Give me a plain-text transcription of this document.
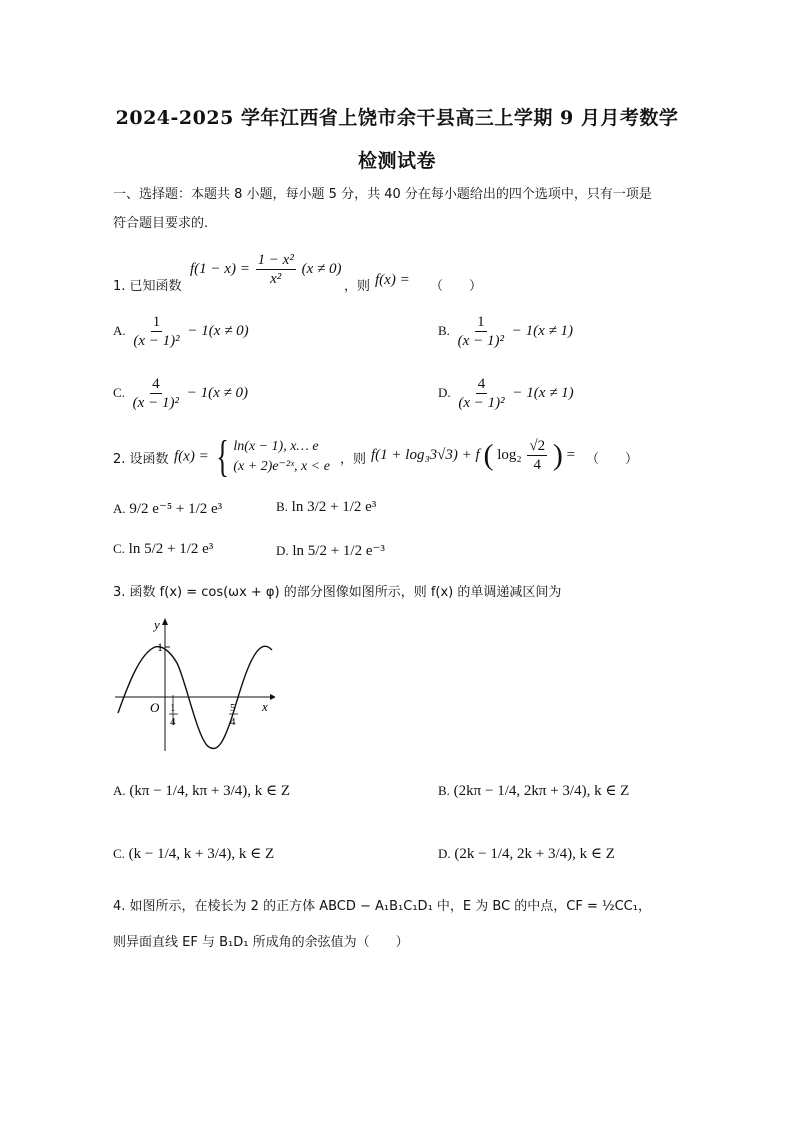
2024-2025 学年江西省上饶市余干县高三上学期 9 月月考数学
检测试卷
一、选择题：本题共 8 小题，每小题 5 分，共 40 分在每小题给出的四个选项中，只有一项是
符合题目要求的.
1. 已知函数
$f(1 - x) = \frac{\text{1 − x²}}{\text{x²}} (x \ne 0)$
，则 f(x) = （　　）
A. $\frac{1}{\text{(x − 1)²}} - 1(x \ne 0)$	B. $\frac{1}{\text{(x − 1)²}} - 1(x \ne 1)$
C. $\frac{4}{\text{(x − 1)²}} - 1(x \ne 0)$	D. $\frac{4}{\text{(x − 1)²}} - 1(x \ne 1)$
2. 设函数 f(x) = { ln(x − 1), x… e
(x + 2)e⁻²ˣ, x < e ，则 f(1 + log₃3√3) + f ( $\log_2 \frac{√2}{4}$ ) = （　　）
A. 9/2 e⁻⁵ + 1/2 e³	B. ln 3/2 + 1/2 e³
C. ln 5/2 + 1/2 e³	D. ln 5/2 + 1/2 e⁻³
3. 函数 f(x) = cos(ωx + φ) 的部分图像如图所示，则 f(x) 的单调递减区间为
y
1
O	x
1
4
5
4
A. (kπ − 1/4, kπ + 3/4), k ∈ Z	B. (2kπ − 1/4, 2kπ + 3/4), k ∈ Z
C. (k − 1/4, k + 3/4), k ∈ Z	D. (2k − 1/4, 2k + 3/4), k ∈ Z
4. 如图所示，在棱长为 2 的正方体 ABCD − A₁B₁C₁D₁ 中，E 为 BC 的中点，CF = ½CC₁，
则异面直线 EF 与 B₁D₁ 所成角的余弦值为（　　）
